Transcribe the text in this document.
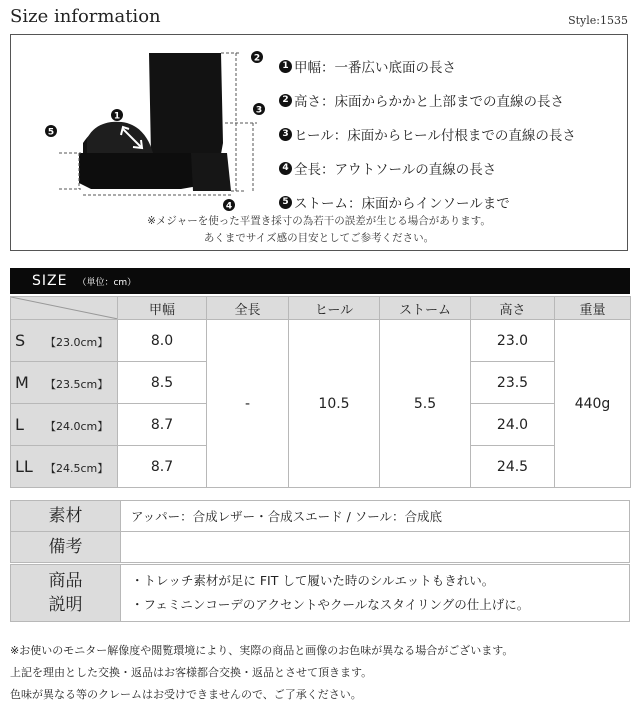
Size information	Style:1535
1
2
3
4
5
1 甲幅：一番広い底面の長さ
2 高さ：床面からかかと上部までの直線の長さ
3 ヒール：床面からヒール付根までの直線の長さ
4 全長：アウトソールの直線の長さ
5 ストーム：床面からインソールまで
※メジャーを使った平置き採寸の為若干の誤差が生じる場合があります。
あくまでサイズ感の目安としてご参考ください。
SIZE （単位：cm）
	甲幅	全長	ヒール	ストーム	高さ	重量
S 【23.0cm】	8.0	-	10.5	5.5	23.0	440g
M 【23.5cm】	8.5				23.5	
L 【24.0cm】	8.7				24.0	
LL 【24.5cm】	8.7				24.5	
素材	アッパー：合成レザー・合成スエード / ソール：合成底
備考	
商品
説明

・トレッチ素材が足に FIT して履いた時のシルエットもきれい。
・フェミニンコーデのアクセントやクールなスタイリングの仕上げに。
※お使いのモニター解像度や閲覧環境により、実際の商品と画像のお色味が異なる場合がございます。
上記を理由とした交換・返品はお客様都合交換・返品とさせて頂きます。
色味が異なる等のクレームはお受けできませんので、ご了承ください。
